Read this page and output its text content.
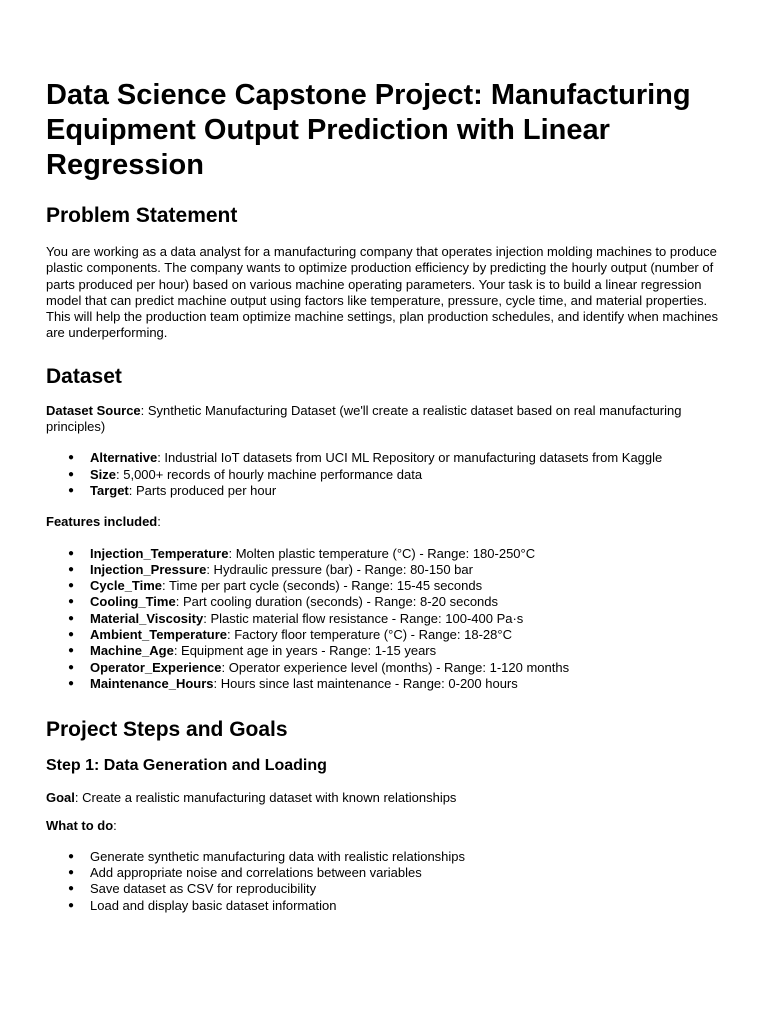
Data Science Capstone Project: Manufacturing Equipment Output Prediction with Linear Regression
Problem Statement

You are working as a data analyst for a manufacturing company that operates injection molding machines to produce plastic components. The company wants to optimize production efficiency by predicting the hourly output (number of parts produced per hour) based on various machine operating parameters. Your task is to build a linear regression model that can predict machine output using factors like temperature, pressure, cycle time, and material properties. This will help the production team optimize machine settings, plan production schedules, and identify when machines are underperforming.

Dataset

Dataset Source: Synthetic Manufacturing Dataset (we'll create a realistic dataset based on real manufacturing principles)

● Alternative: Industrial IoT datasets from UCI ML Repository or manufacturing datasets from Kaggle
● Size: 5,000+ records of hourly machine performance data
● Target: Parts produced per hour

Features included:

● Injection_Temperature: Molten plastic temperature (°C) - Range: 180-250°C
● Injection_Pressure: Hydraulic pressure (bar) - Range: 80-150 bar
● Cycle_Time: Time per part cycle (seconds) - Range: 15-45 seconds
● Cooling_Time: Part cooling duration (seconds) - Range: 8-20 seconds
● Material_Viscosity: Plastic material flow resistance - Range: 100-400 Pa·s
● Ambient_Temperature: Factory floor temperature (°C) - Range: 18-28°C
● Machine_Age: Equipment age in years - Range: 1-15 years
● Operator_Experience: Operator experience level (months) - Range: 1-120 months
● Maintenance_Hours: Hours since last maintenance - Range: 0-200 hours
Project Steps and Goals
Step 1: Data Generation and Loading

Goal: Create a realistic manufacturing dataset with known relationships

What to do:

● Generate synthetic manufacturing data with realistic relationships
● Add appropriate noise and correlations between variables
● Save dataset as CSV for reproducibility
● Load and display basic dataset information
